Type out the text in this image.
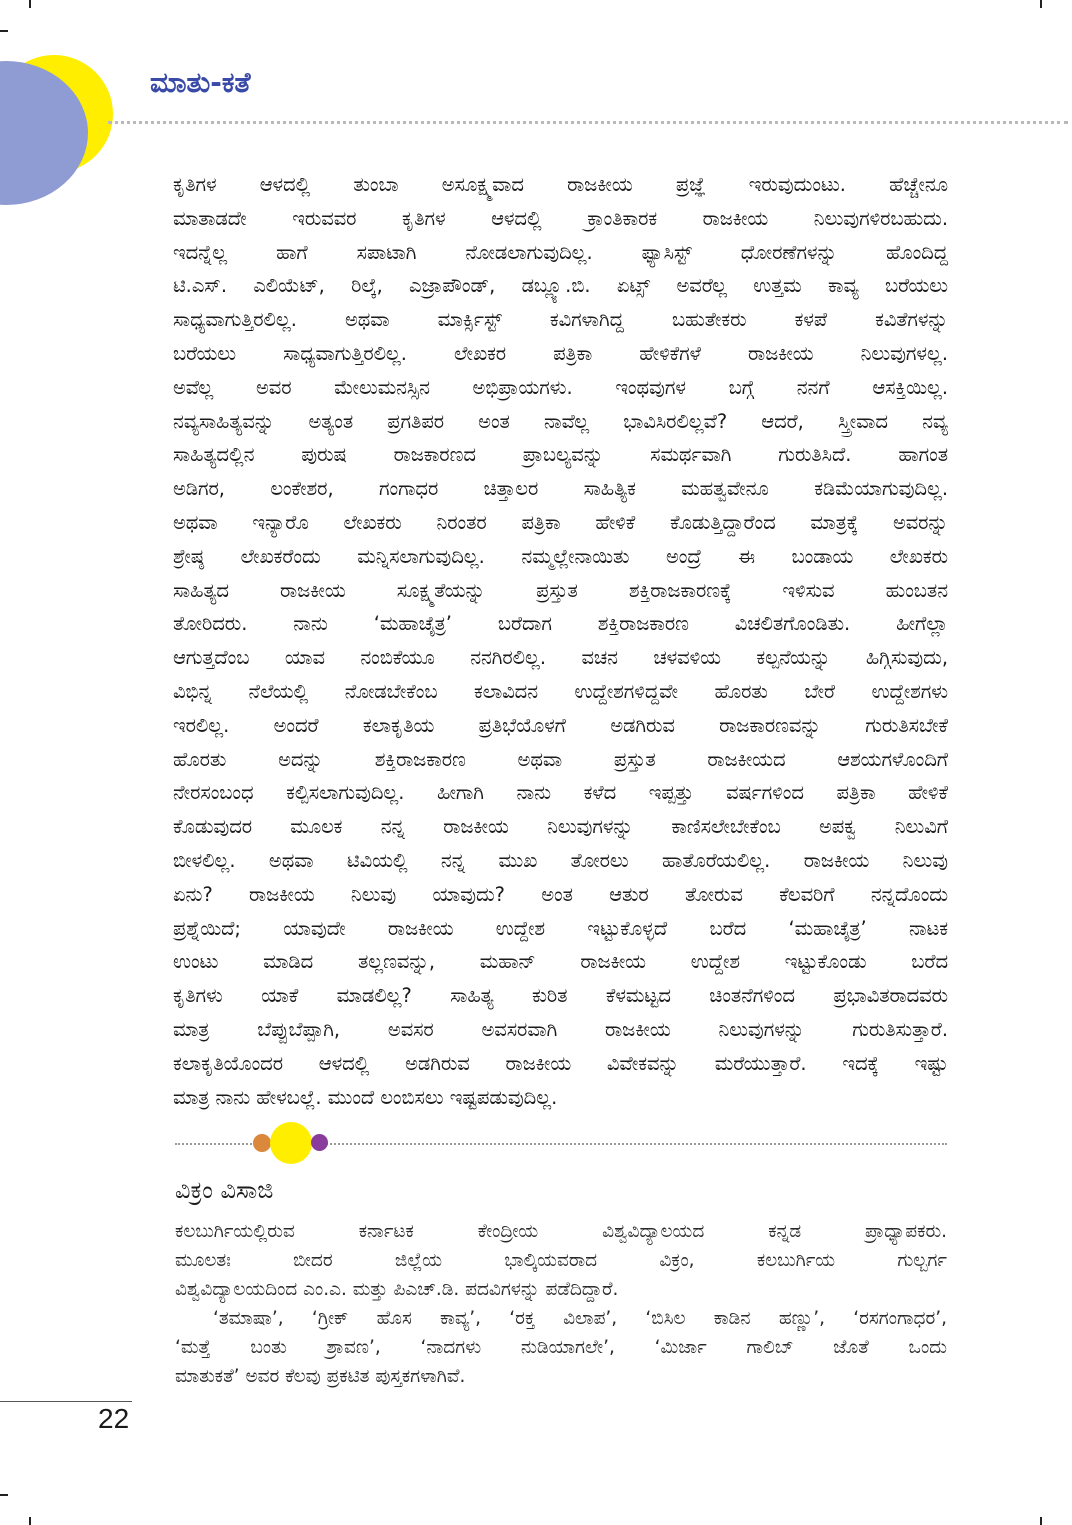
ಮಾತು-ಕತೆ
ಕೃತಿಗಳ ಆಳದಲ್ಲಿ ತುಂಬಾ ಅಸೂಕ್ಷ್ಮವಾದ ರಾಜಕೀಯ ಪ್ರಜ್ಞೆ ಇರುವುದುಂಟು. ಹೆಚ್ಚೇನೂ
ಮಾತಾಡದೇ ಇರುವವರ ಕೃತಿಗಳ ಆಳದಲ್ಲಿ ಕ್ರಾಂತಿಕಾರಕ ರಾಜಕೀಯ ನಿಲುವುಗಳಿರಬಹುದು.
ಇದನ್ನೆಲ್ಲ ಹಾಗೆ ಸಪಾಟಾಗಿ ನೋಡಲಾಗುವುದಿಲ್ಲ. ಫ್ಯಾಸಿಸ್ಟ್ ಧೋರಣೆಗಳನ್ನು ಹೊಂದಿದ್ದ
ಟಿ.ಎಸ್. ಎಲಿಯೆಟ್, ರಿಲ್ಕೆ, ಎಜ್ರಾಪೌಂಡ್, ಡಬ್ಲ್ಯೂ.ಬಿ. ಏಟ್ಸ್ ಅವರೆಲ್ಲ ಉತ್ತಮ ಕಾವ್ಯ ಬರೆಯಲು
ಸಾಧ್ಯವಾಗುತ್ತಿರಲಿಲ್ಲ. ಅಥವಾ ಮಾರ್ಕ್ಸಿಸ್ಟ್ ಕವಿಗಳಾಗಿದ್ದ ಬಹುತೇಕರು ಕಳಪೆ ಕವಿತೆಗಳನ್ನು
ಬರೆಯಲು ಸಾಧ್ಯವಾಗುತ್ತಿರಲಿಲ್ಲ. ಲೇಖಕರ ಪತ್ರಿಕಾ ಹೇಳಿಕೆಗಳೆ ರಾಜಕೀಯ ನಿಲುವುಗಳಲ್ಲ.
ಅವೆಲ್ಲ ಅವರ ಮೇಲುಮನಸ್ಸಿನ ಅಭಿಪ್ರಾಯಗಳು. ಇಂಥವುಗಳ ಬಗ್ಗೆ ನನಗೆ ಆಸಕ್ತಿಯಿಲ್ಲ.
ನವ್ಯಸಾಹಿತ್ಯವನ್ನು ಅತ್ಯಂತ ಪ್ರಗತಿಪರ ಅಂತ ನಾವೆಲ್ಲ ಭಾವಿಸಿರಲಿಲ್ಲವೆ? ಆದರೆ, ಸ್ತ್ರೀವಾದ ನವ್ಯ
ಸಾಹಿತ್ಯದಲ್ಲಿನ ಪುರುಷ ರಾಜಕಾರಣದ ಪ್ರಾಬಲ್ಯವನ್ನು ಸಮರ್ಥವಾಗಿ ಗುರುತಿಸಿದೆ. ಹಾಗಂತ
ಅಡಿಗರ, ಲಂಕೇಶರ, ಗಂಗಾಧರ ಚಿತ್ತಾಲರ ಸಾಹಿತ್ಯಿಕ ಮಹತ್ವವೇನೂ ಕಡಿಮೆಯಾಗುವುದಿಲ್ಲ.
ಅಥವಾ ಇನ್ಯಾರೊ ಲೇಖಕರು ನಿರಂತರ ಪತ್ರಿಕಾ ಹೇಳಿಕೆ ಕೊಡುತ್ತಿದ್ದಾರೆಂದ ಮಾತ್ರಕ್ಕೆ ಅವರನ್ನು
ಶ್ರೇಷ್ಠ ಲೇಖಕರೆಂದು ಮನ್ನಿಸಲಾಗುವುದಿಲ್ಲ. ನಮ್ಮಲ್ಲೇನಾಯಿತು ಅಂದ್ರೆ ಈ ಬಂಡಾಯ ಲೇಖಕರು
ಸಾಹಿತ್ಯದ ರಾಜಕೀಯ ಸೂಕ್ಷ್ಮತೆಯನ್ನು ಪ್ರಸ್ತುತ ಶಕ್ತಿರಾಜಕಾರಣಕ್ಕೆ ಇಳಿಸುವ ಹುಂಬತನ
ತೋರಿದರು. ನಾನು ‘ಮಹಾಚೈತ್ರ’ ಬರೆದಾಗ ಶಕ್ತಿರಾಜಕಾರಣ ವಿಚಲಿತಗೊಂಡಿತು. ಹೀಗೆಲ್ಲಾ
ಆಗುತ್ತದೆಂಬ ಯಾವ ನಂಬಿಕೆಯೂ ನನಗಿರಲಿಲ್ಲ. ವಚನ ಚಳವಳಿಯ ಕಲ್ಪನೆಯನ್ನು ಹಿಗ್ಗಿಸುವುದು,
ವಿಭಿನ್ನ ನೆಲೆಯಲ್ಲಿ ನೋಡಬೇಕೆಂಬ ಕಲಾವಿದನ ಉದ್ದೇಶಗಳಿದ್ದವೇ ಹೊರತು ಬೇರೆ ಉದ್ದೇಶಗಳು
ಇರಲಿಲ್ಲ. ಅಂದರೆ ಕಲಾಕೃತಿಯ ಪ್ರತಿಭೆಯೊಳಗೆ ಅಡಗಿರುವ ರಾಜಕಾರಣವನ್ನು ಗುರುತಿಸಬೇಕೆ
ಹೊರತು ಅದನ್ನು ಶಕ್ತಿರಾಜಕಾರಣ ಅಥವಾ ಪ್ರಸ್ತುತ ರಾಜಕೀಯದ ಆಶಯಗಳೊಂದಿಗೆ
ನೇರಸಂಬಂಧ ಕಲ್ಪಿಸಲಾಗುವುದಿಲ್ಲ. ಹೀಗಾಗಿ ನಾನು ಕಳೆದ ಇಪ್ಪತ್ತು ವರ್ಷಗಳಿಂದ ಪತ್ರಿಕಾ ಹೇಳಿಕೆ
ಕೊಡುವುದರ ಮೂಲಕ ನನ್ನ ರಾಜಕೀಯ ನಿಲುವುಗಳನ್ನು ಕಾಣಿಸಲೇಬೇಕೆಂಬ ಅಪಕ್ವ ನಿಲುವಿಗೆ
ಬೀಳಲಿಲ್ಲ. ಅಥವಾ ಟಿವಿಯಲ್ಲಿ ನನ್ನ ಮುಖ ತೋರಲು ಹಾತೊರೆಯಲಿಲ್ಲ. ರಾಜಕೀಯ ನಿಲುವು
ಏನು? ರಾಜಕೀಯ ನಿಲುವು ಯಾವುದು? ಅಂತ ಆತುರ ತೋರುವ ಕೆಲವರಿಗೆ ನನ್ನದೊಂದು
ಪ್ರಶ್ನೆಯಿದೆ; ಯಾವುದೇ ರಾಜಕೀಯ ಉದ್ದೇಶ ಇಟ್ಟುಕೊಳ್ಳದೆ ಬರೆದ ‘ಮಹಾಚೈತ್ರ’ ನಾಟಕ
ಉಂಟು ಮಾಡಿದ ತಲ್ಲಣವನ್ನು, ಮಹಾನ್ ರಾಜಕೀಯ ಉದ್ದೇಶ ಇಟ್ಟುಕೊಂಡು ಬರೆದ
ಕೃತಿಗಳು ಯಾಕೆ ಮಾಡಲಿಲ್ಲ? ಸಾಹಿತ್ಯ ಕುರಿತ ಕೆಳಮಟ್ಟದ ಚಿಂತನೆಗಳಿಂದ ಪ್ರಭಾವಿತರಾದವರು
ಮಾತ್ರ ಬೆಪ್ಪುಬೆಪ್ಪಾಗಿ, ಅವಸರ ಅವಸರವಾಗಿ ರಾಜಕೀಯ ನಿಲುವುಗಳನ್ನು ಗುರುತಿಸುತ್ತಾರೆ.
ಕಲಾಕೃತಿಯೊಂದರ ಆಳದಲ್ಲಿ ಅಡಗಿರುವ ರಾಜಕೀಯ ವಿವೇಕವನ್ನು ಮರೆಯುತ್ತಾರೆ. ಇದಕ್ಕೆ ಇಷ್ಟು
ಮಾತ್ರ ನಾನು ಹೇಳಬಲ್ಲೆ. ಮುಂದೆ ಲಂಬಿಸಲು ಇಷ್ಟಪಡುವುದಿಲ್ಲ.
ವಿಕ್ರಂ ವಿಸಾಜಿ
ಕಲಬುರ್ಗಿಯಲ್ಲಿರುವ ಕರ್ನಾಟಕ ಕೇಂದ್ರೀಯ ವಿಶ್ವವಿದ್ಯಾಲಯದ ಕನ್ನಡ ಪ್ರಾಧ್ಯಾಪಕರು.
ಮೂಲತಃ ಬೀದರ ಜಿಲ್ಲೆಯ ಭಾಲ್ಕಿಯವರಾದ ವಿಕ್ರಂ, ಕಲಬುರ್ಗಿಯ ಗುಲ್ಬರ್ಗ
ವಿಶ್ವವಿದ್ಯಾಲಯದಿಂದ ಎಂ.ಎ. ಮತ್ತು ಪಿಎಚ್.ಡಿ. ಪದವಿಗಳನ್ನು ಪಡೆದಿದ್ದಾರೆ.
‘ತಮಾಷಾ’, ‘ಗ್ರೀಕ್ ಹೊಸ ಕಾವ್ಯ’, ‘ರಕ್ತ ವಿಲಾಪ’, ‘ಬಿಸಿಲ ಕಾಡಿನ ಹಣ್ಣು’, ‘ರಸಗಂಗಾಧರ’,
‘ಮತ್ತೆ ಬಂತು ಶ್ರಾವಣ’, ‘ನಾದಗಳು ನುಡಿಯಾಗಲೇ’, ‘ಮಿರ್ಜಾ ಗಾಲಿಬ್ ಜೊತೆ ಒಂದು
ಮಾತುಕತೆ’ ಅವರ ಕೆಲವು ಪ್ರಕಟಿತ ಪುಸ್ತಕಗಳಾಗಿವೆ.
22
